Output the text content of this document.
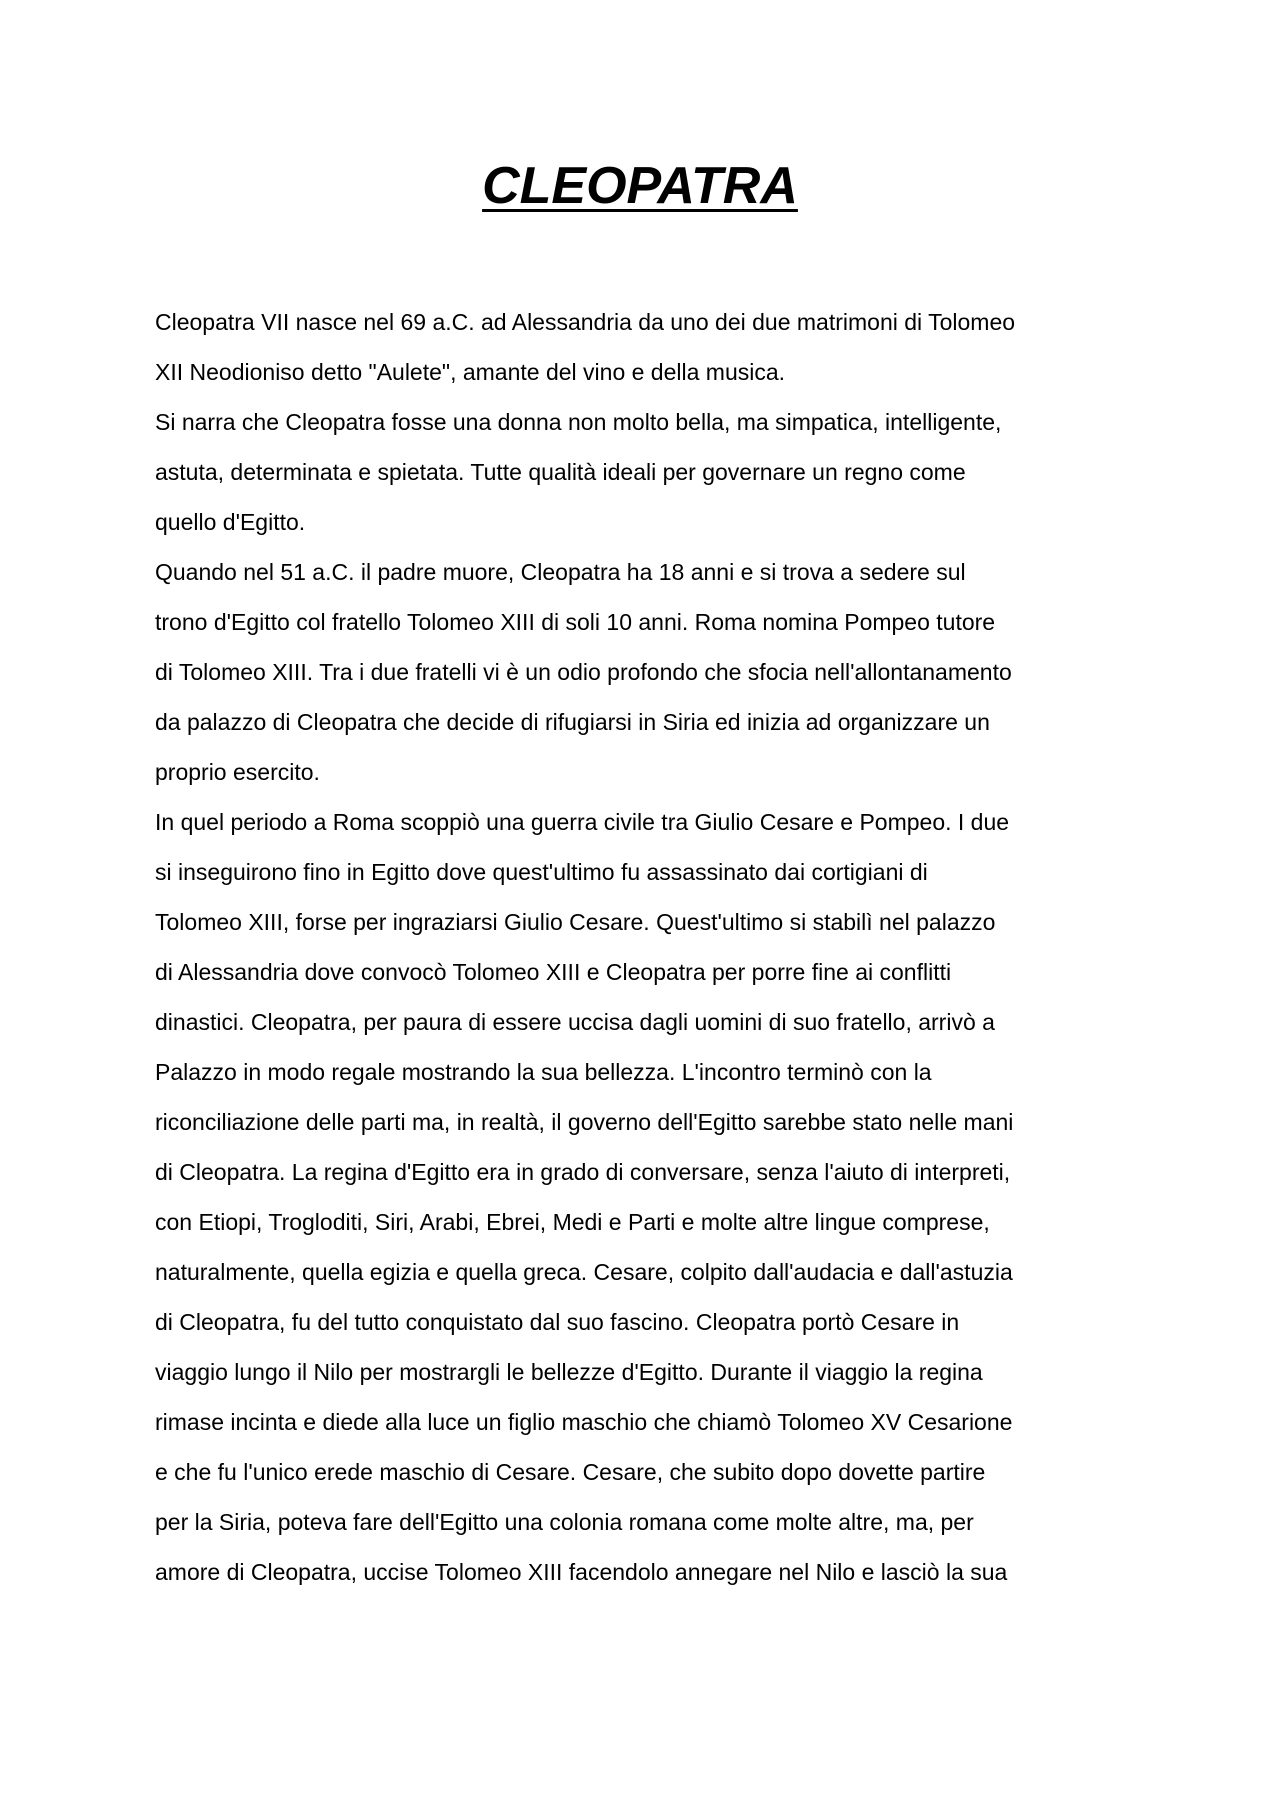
CLEOPATRA
Cleopatra VII nasce nel 69 a.C. ad Alessandria da uno dei due matrimoni di Tolomeo
XII Neodioniso detto "Aulete", amante del vino e della musica.
Si narra che Cleopatra fosse una donna non molto bella, ma simpatica, intelligente,
astuta, determinata e spietata. Tutte qualità ideali per governare un regno come
quello d'Egitto.
Quando nel 51 a.C. il padre muore, Cleopatra ha 18 anni e si trova a sedere sul
trono d'Egitto col fratello Tolomeo XIII di soli 10 anni. Roma nomina Pompeo tutore
di Tolomeo XIII. Tra i due fratelli vi è un odio profondo che sfocia nell'allontanamento
da palazzo di Cleopatra che decide di rifugiarsi in Siria ed inizia ad organizzare un
proprio esercito.
In quel periodo a Roma scoppiò una guerra civile tra Giulio Cesare e Pompeo. I due
si inseguirono fino in Egitto dove quest'ultimo fu assassinato dai cortigiani di
Tolomeo XIII, forse per ingraziarsi Giulio Cesare. Quest'ultimo si stabilì nel palazzo
di Alessandria dove convocò Tolomeo XIII e Cleopatra per porre fine ai conflitti
dinastici. Cleopatra, per paura di essere uccisa dagli uomini di suo fratello, arrivò a
Palazzo in modo regale mostrando la sua bellezza. L'incontro terminò con la
riconciliazione delle parti ma, in realtà, il governo dell'Egitto sarebbe stato nelle mani
di Cleopatra. La regina d'Egitto era in grado di conversare, senza l'aiuto di interpreti,
con Etiopi, Trogloditi, Siri, Arabi, Ebrei, Medi e Parti e molte altre lingue comprese,
naturalmente, quella egizia e quella greca. Cesare, colpito dall'audacia e dall'astuzia
di Cleopatra, fu del tutto conquistato dal suo fascino. Cleopatra portò Cesare in
viaggio lungo il Nilo per mostrargli le bellezze d'Egitto. Durante il viaggio la regina
rimase incinta e diede alla luce un figlio maschio che chiamò Tolomeo XV Cesarione
e che fu l'unico erede maschio di Cesare. Cesare, che subito dopo dovette partire
per la Siria, poteva fare dell'Egitto una colonia romana come molte altre, ma, per
amore di Cleopatra, uccise Tolomeo XIII facendolo annegare nel Nilo e lasciò la sua
